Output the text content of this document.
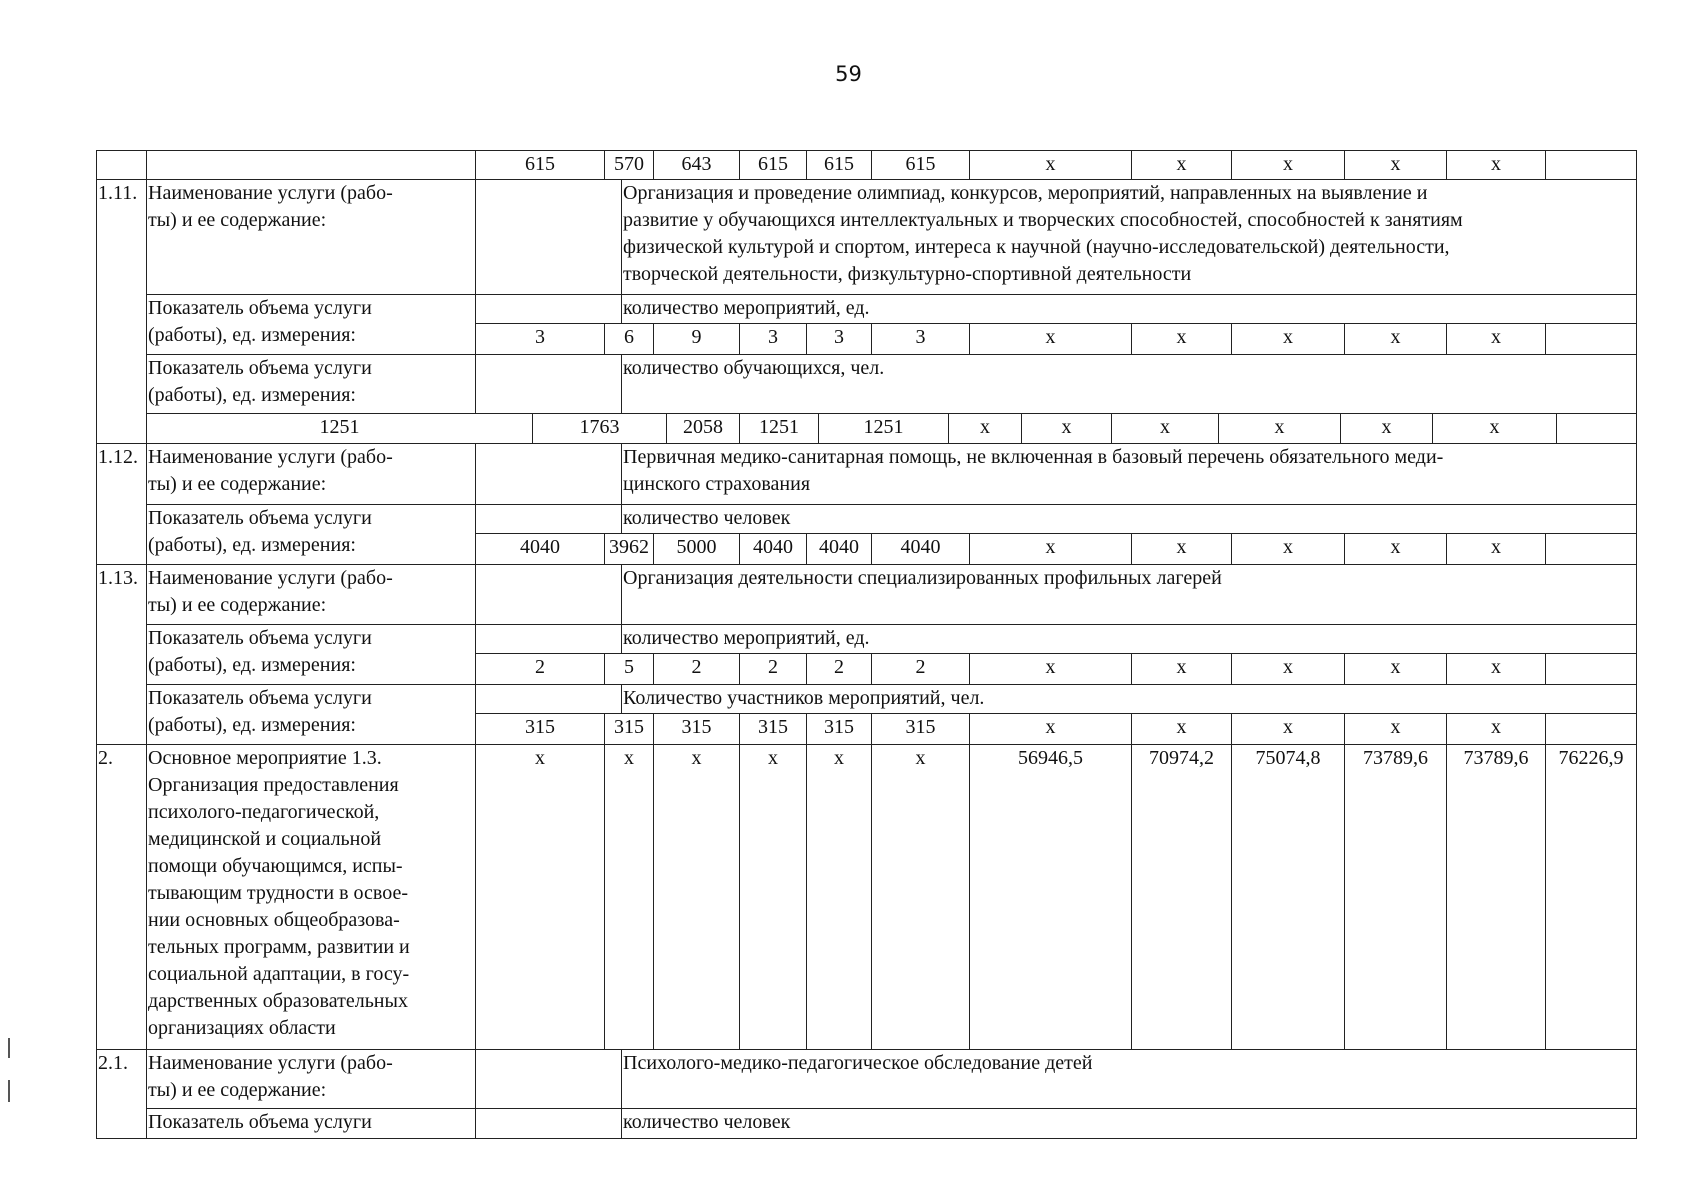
59
615	570	643	615	615	615	х	х	х	х	х
1.11. Наименование услуги (рабо-
ты) и ее содержание:
Организация и проведение олимпиад, конкурсов, мероприятий, направленных на выявление и
развитие у обучающихся интеллектуальных и творческих способностей, способностей к занятиям
физической культурой и спортом, интереса к научной (научно-исследовательской) деятельности,
творческой деятельности, физкультурно-спортивной деятельности
Показатель объема услуги
(работы), ед. измерения:
количество мероприятий, ед.
3	6	9	3	3	3	х	х	х	х	х
Показатель объема услуги
(работы), ед. измерения:
количество обучающихся, чел.
1251	1763	2058	1251	1251	х	х	х	х	х	х
1.12. Наименование услуги (рабо-
ты) и ее содержание:
Первичная медико-санитарная помощь, не включенная в базовый перечень обязательного меди-
цинского страхования
Показатель объема услуги
(работы), ед. измерения:
количество человек
4040	3962	5000	4040	4040	4040	х	х	х	х	х
1.13. Наименование услуги (рабо-
ты) и ее содержание:
Организация деятельности специализированных профильных лагерей
Показатель объема услуги
(работы), ед. измерения:
количество мероприятий, ед.
2	5	2	2	2	2	х	х	х	х	х
Показатель объема услуги
(работы), ед. измерения:
Количество участников мероприятий, чел.
315	315	315	315	315	315	х	х	х	х	х
2.	Основное мероприятие 1.3.
Организация предоставления
психолого-педагогической,
медицинской и социальной
помощи обучающимся, испы-
тывающим трудности в освое-
нии основных общеобразова-
тельных программ, развитии и
социальной адаптации, в госу-
дарственных образовательных
организациях области
х	х	х	х	х	х	56946,5	70974,2	75074,8	73789,6	73789,6	76226,9
2.1.	Наименование услуги (рабо-
ты) и ее содержание:
Психолого-медико-педагогическое обследование детей
Показатель объема услуги	количество человек
